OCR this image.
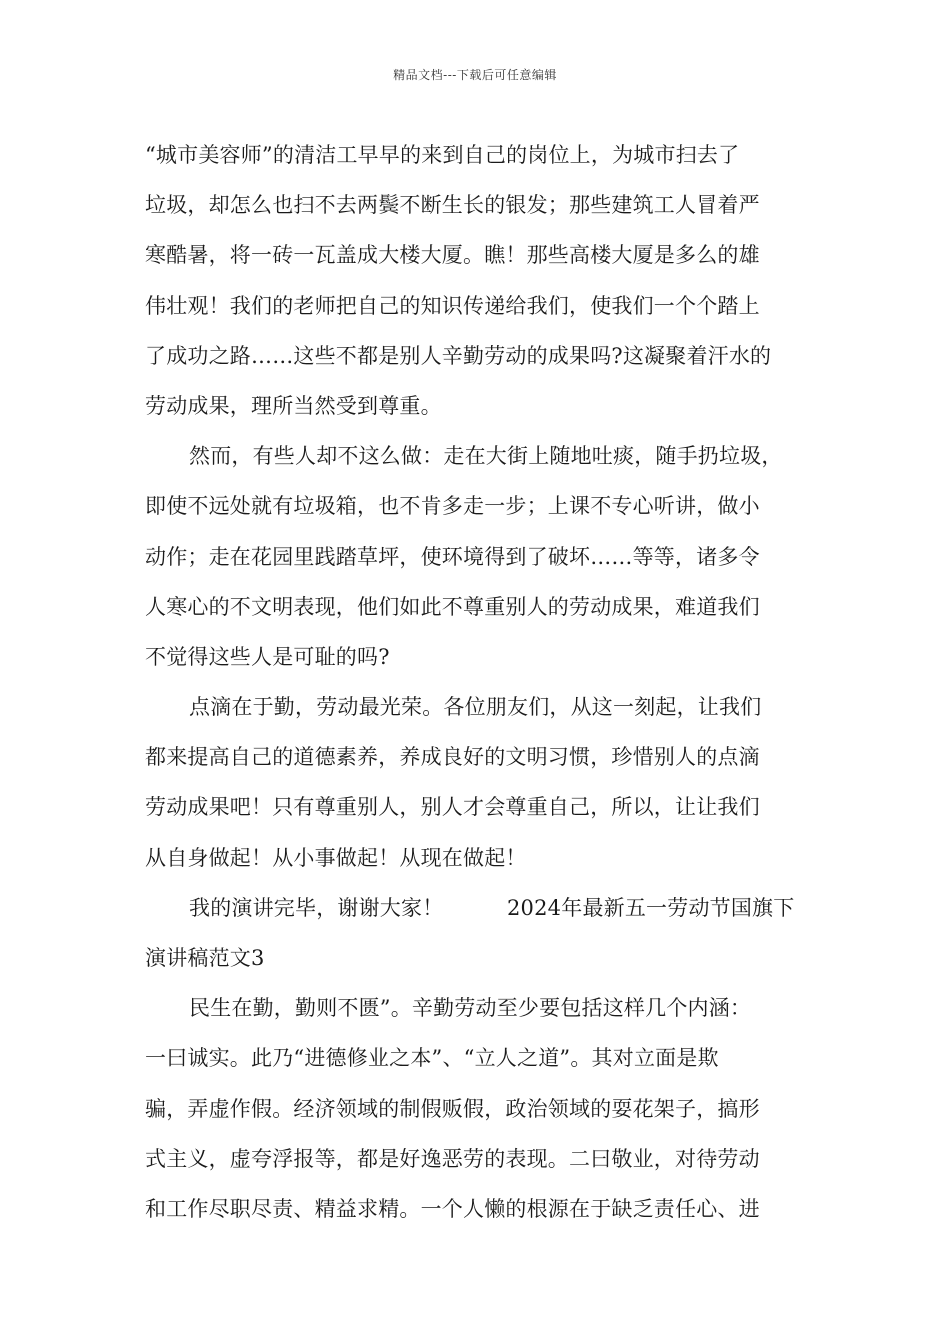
精品文档---下载后可任意编辑
“城市美容师”的清洁工早早的来到自己的岗位上，为城市扫去了
垃圾，却怎么也扫不去两鬓不断生长的银发；那些建筑工人冒着严
寒酷暑，将一砖一瓦盖成大楼大厦。瞧！那些高楼大厦是多么的雄
伟壮观！我们的老师把自己的知识传递给我们，使我们一个个踏上
了成功之路……这些不都是别人辛勤劳动的成果吗?这凝聚着汗水的
劳动成果，理所当然受到尊重。
然而，有些人却不这么做：走在大街上随地吐痰，随手扔垃圾，
即使不远处就有垃圾箱，也不肯多走一步；上课不专心听讲，做小
动作；走在花园里践踏草坪，使环境得到了破坏……等等，诸多令
人寒心的不文明表现，他们如此不尊重别人的劳动成果，难道我们
不觉得这些人是可耻的吗?
点滴在于勤，劳动最光荣。各位朋友们，从这一刻起，让我们
都来提高自己的道德素养，养成良好的文明习惯，珍惜别人的点滴
劳动成果吧！只有尊重别人，别人才会尊重自己，所以，让让我们
从自身做起！从小事做起！从现在做起！
我的演讲完毕，谢谢大家！　　　2024年最新五一劳动节国旗下
演讲稿范文3
民生在勤，勤则不匮”。辛勤劳动至少要包括这样几个内涵：
一曰诚实。此乃“进德修业之本”、“立人之道”。其对立面是欺
骗，弄虚作假。经济领域的制假贩假，政治领域的耍花架子，搞形
式主义，虚夸浮报等，都是好逸恶劳的表现。二曰敬业，对待劳动
和工作尽职尽责、精益求精。一个人懒的根源在于缺乏责任心、进
